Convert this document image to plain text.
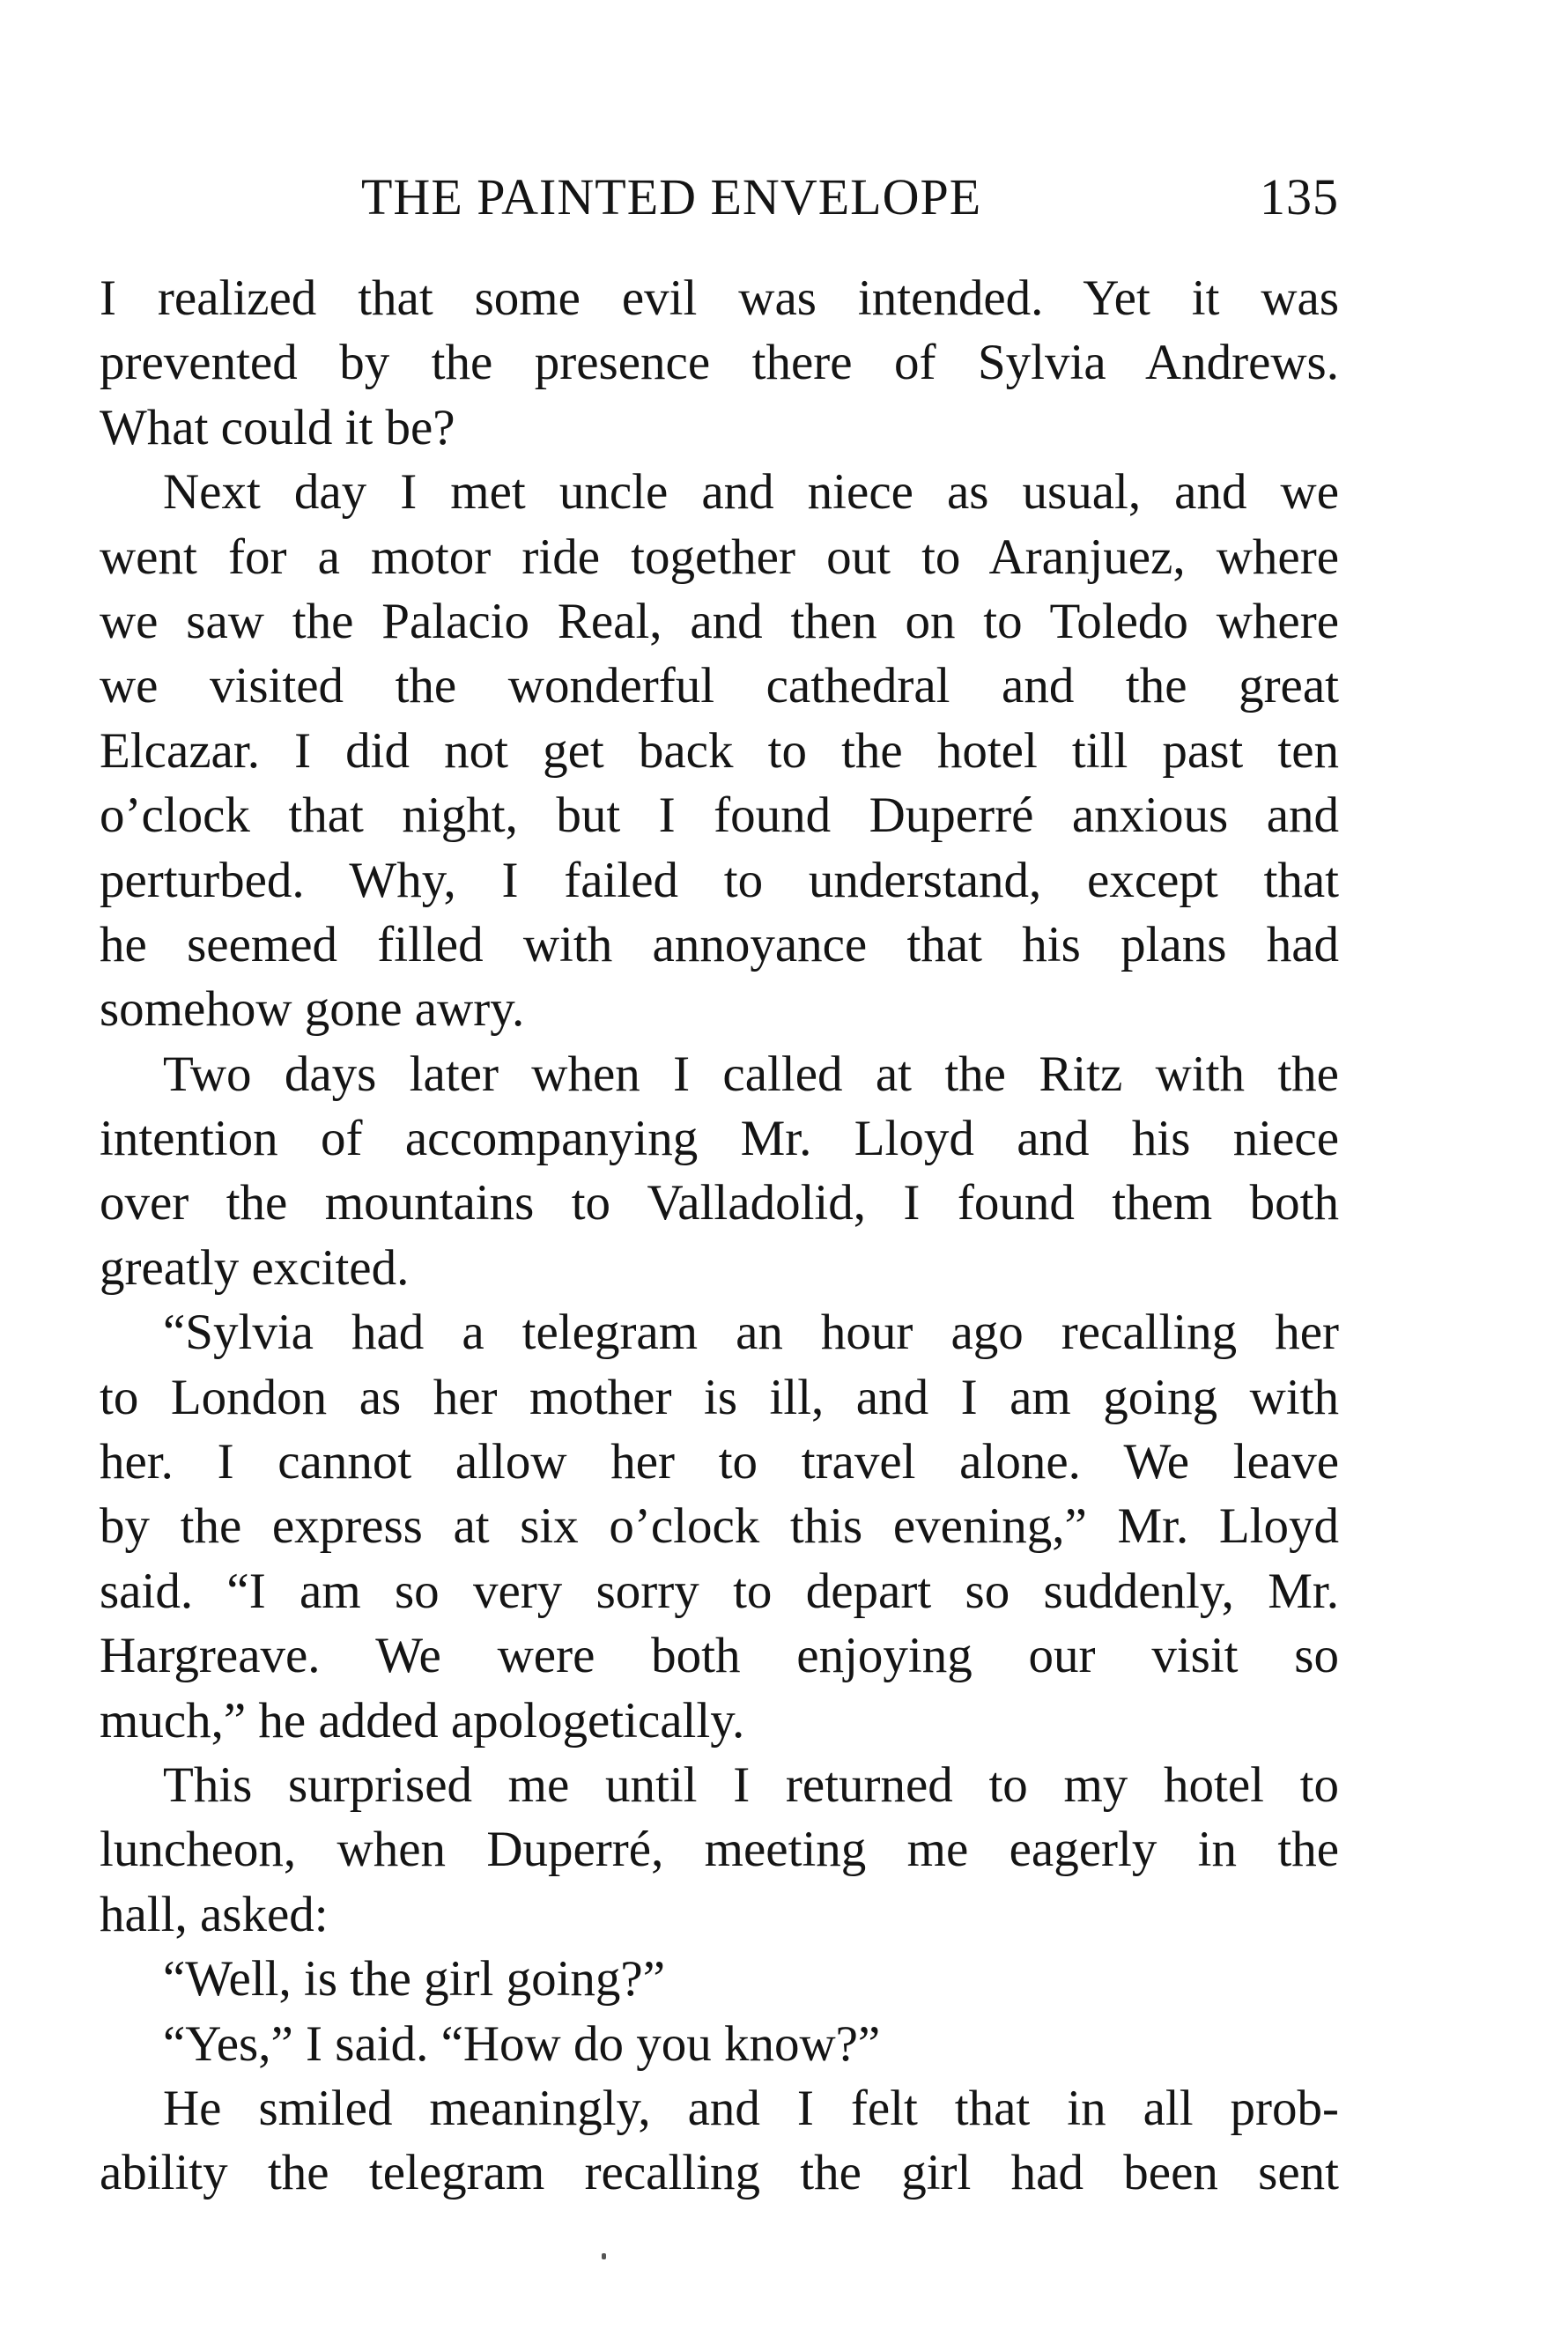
THE PAINTED ENVELOPE	135
I realized that some evil was intended. Yet it was
prevented by the presence there of Sylvia Andrews.
What could it be?
Next day I met uncle and niece as usual, and we
went for a motor ride together out to Aranjuez, where
we saw the Palacio Real, and then on to Toledo where
we visited the wonderful cathedral and the great
Elcazar. I did not get back to the hotel till past ten
o’clock that night, but I found Duperré anxious and
perturbed. Why, I failed to understand, except that
he seemed filled with annoyance that his plans had
somehow gone awry.
Two days later when I called at the Ritz with the
intention of accompanying Mr. Lloyd and his niece
over the mountains to Valladolid, I found them both
greatly excited.
“Sylvia had a telegram an hour ago recalling her
to London as her mother is ill, and I am going with
her. I cannot allow her to travel alone. We leave
by the express at six o’clock this evening,” Mr. Lloyd
said. “I am so very sorry to depart so suddenly, Mr.
Hargreave. We were both enjoying our visit so
much,” he added apologetically.
This surprised me until I returned to my hotel to
luncheon, when Duperré, meeting me eagerly in the
hall, asked:
“Well, is the girl going?”
“Yes,” I said. “How do you know?”
He smiled meaningly, and I felt that in all prob-
ability the telegram recalling the girl had been sent
